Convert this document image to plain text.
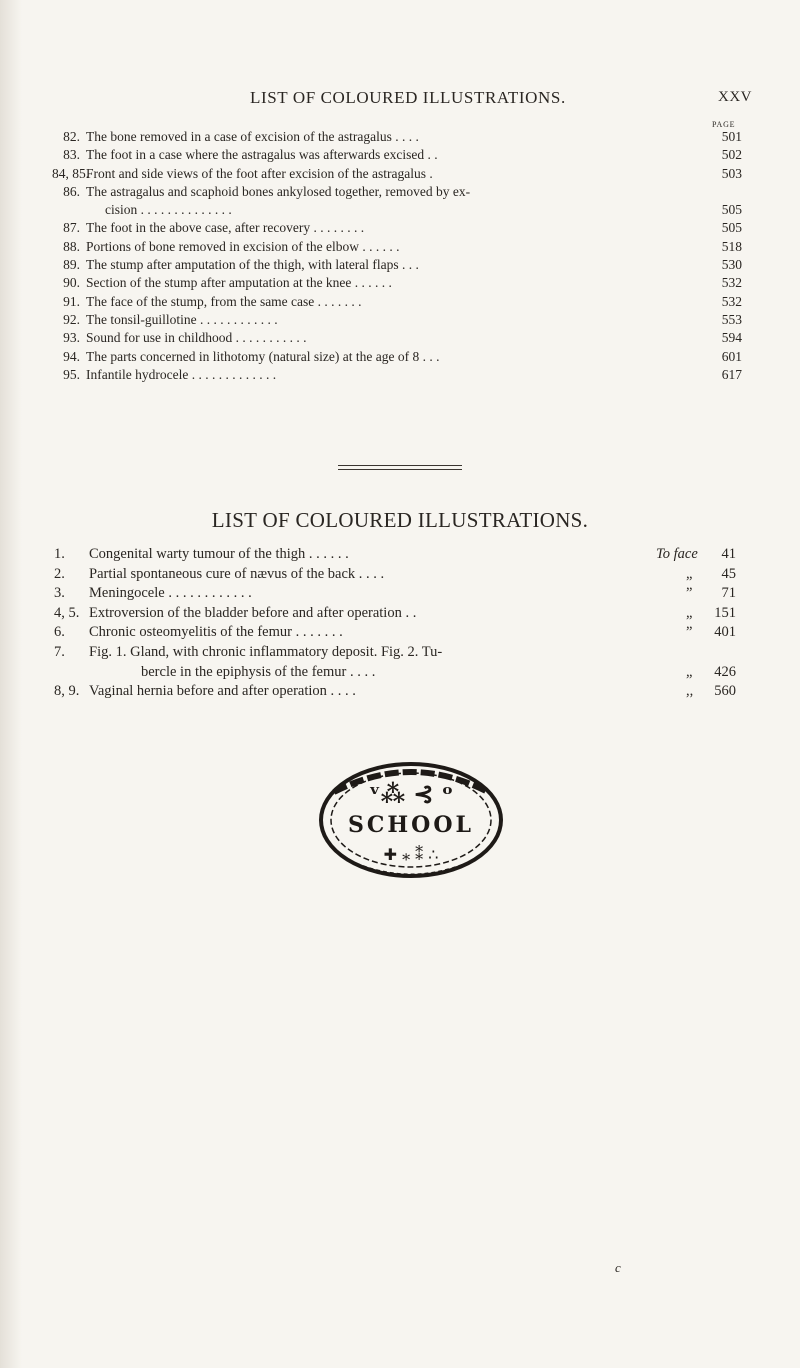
LIST OF COLOURED ILLUSTRATIONS.	XXV
PAGE
82. The bone removed in a case of excision of the astragalus . . . .	501
83. The foot in a case where the astragalus was afterwards excised . .	502
84, 85.
Front and side views of the foot after excision of the astragalus .	503
86. The astragalus and scaphoid bones ankylosed together, removed by ex-
cision . . . . . . . . . . . . . .	505
87. The foot in the above case, after recovery . . . . . . . .	505
88. Portions of bone removed in excision of the elbow . . . . . .	518
89. The stump after amputation of the thigh, with lateral flaps . . .	530
90. Section of the stump after amputation at the knee . . . . . .	532
91. The face of the stump, from the same case . . . . . . .	532
92. The tonsil-guillotine . . . . . . . . . . . .	553
93. Sound for use in childhood . . . . . . . . . . .	594
94. The parts concerned in lithotomy (natural size) at the age of 8 . . .	601
95. Infantile hydrocele . . . . . . . . . . . . .	617
LIST OF COLOURED ILLUSTRATIONS.
1.	Congenital warty tumour of the thigh . . . . . .	To face 41
2.	Partial spontaneous cure of nævus of the back . . . .	„ 45
3.	Meningocele . . . . . . . . . . . .	” 71
4, 5. Extroversion of the bladder before and after operation . .	„ 151
6.	Chronic osteomyelitis of the femur . . . . . . .	” 401
7.	Fig. 1. Gland, with chronic inflammatory deposit. Fig. 2. Tu-
bercle in the epiphysis of the femur . . . .	„ 426
8, 9. Vaginal hernia before and after operation . . . .	,, 560
ᵛ⁂ ⊰ ᵒ
SCHOOL
✚ ⁎ ⁑ ∴
c
